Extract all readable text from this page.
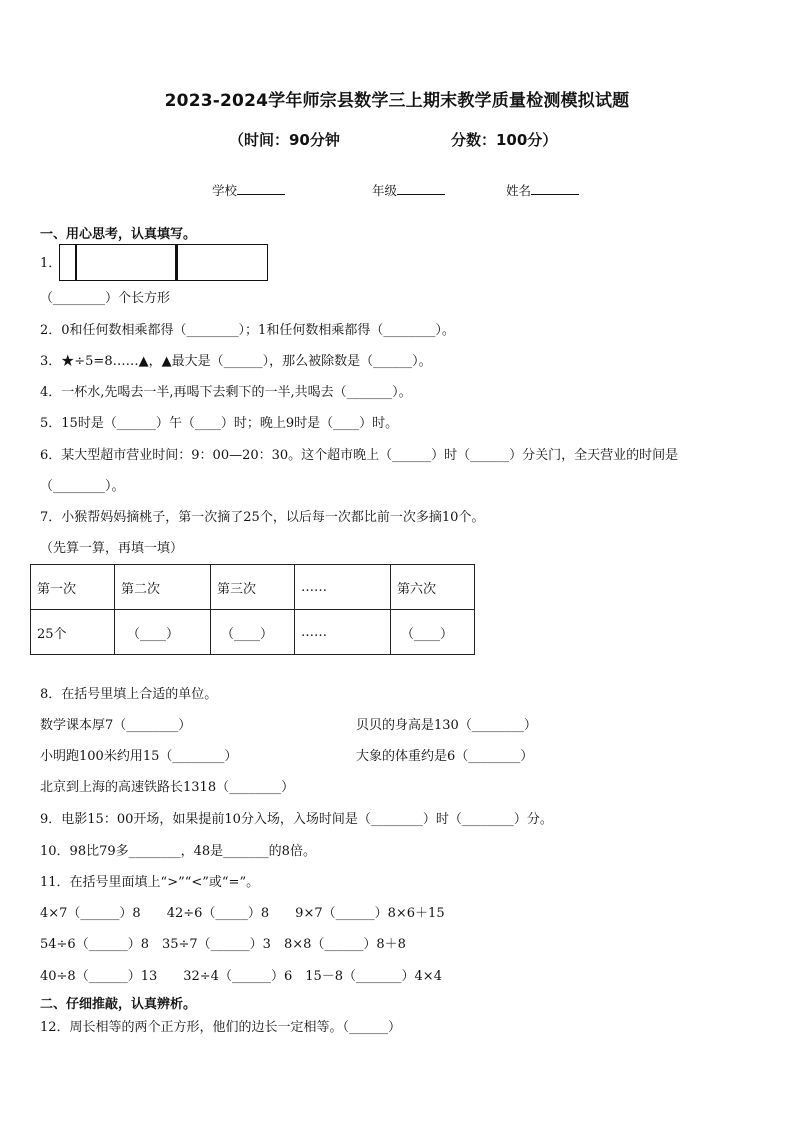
2023-2024学年师宗县数学三上期末教学质量检测模拟试题
（时间：90分钟	分数：100分）
学校	年级	姓名
一、用心思考，认真填写。
1．
（________）个长方形
2．0和任何数相乘都得（________）；1和任何数相乘都得（________）。
3．★÷5=8……▲，▲最大是（______），那么被除数是（______）。
4．一杯水,先喝去一半,再喝下去剩下的一半,共喝去（_______）。
5．15时是（______）午（____）时；晚上9时是（____）时。
6．某大型超市营业时间：9：00—20：30。这个超市晚上（______）时（______）分关门，全天营业的时间是
（________）。
7．小猴帮妈妈摘桃子，第一次摘了25个，以后每一次都比前一次多摘10个。
（先算一算，再填一填）
第一次	第二次	第三次	……	第六次
25个	（____）	（____）	……	（____）
8．在括号里填上合适的单位。
数学课本厚7（________）	贝贝的身高是130（________）
小明跑100米约用15（________）	大象的体重约是6（________）
北京到上海的高速铁路长1318（________）
9．电影15：00开场，如果提前10分入场，入场时间是（________）时（________）分。
10．98比79多________，48是_______的8倍。
11．在括号里面填上“>”“<”或“=”。
4×7（______）8　　42÷6（_____）8　　9×7（______）8×6＋15
54÷6（______）8　35÷7（______）3　8×8（______）8＋8
40÷8（______）13　　32÷4（______）6　15－8（_______）4×4
二、仔细推敲，认真辨析。
12．周长相等的两个正方形，他们的边长一定相等。（______）
